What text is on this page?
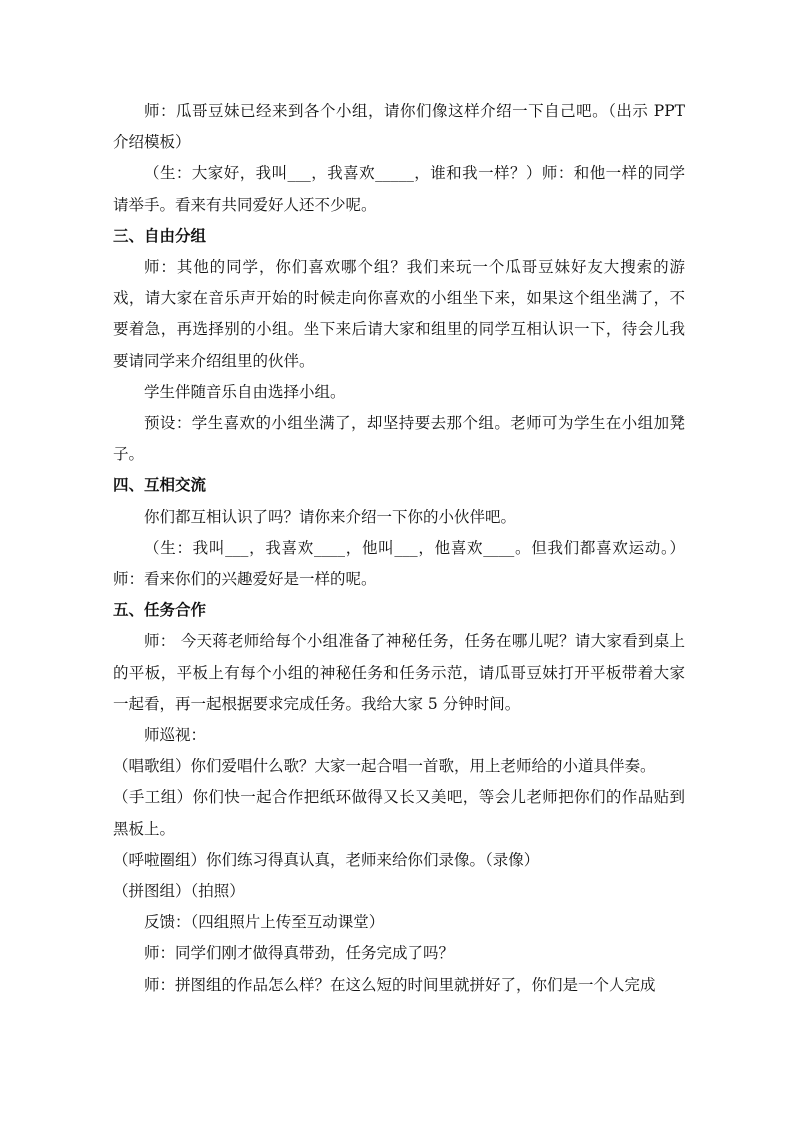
师：瓜哥豆妹已经来到各个小组，请你们像这样介绍一下自己吧。（出示 PPT 介绍模板）

（生：大家好，我叫___，我喜欢_____，谁和我一样？）师：和他一样的同学请举手。看来有共同爱好人还不少呢。

三、自由分组

师：其他的同学，你们喜欢哪个组？我们来玩一个瓜哥豆妹好友大搜索的游戏，请大家在音乐声开始的时候走向你喜欢的小组坐下来，如果这个组坐满了，不要着急，再选择别的小组。坐下来后请大家和组里的同学互相认识一下，待会儿我要请同学来介绍组里的伙伴。

学生伴随音乐自由选择小组。

预设：学生喜欢的小组坐满了，却坚持要去那个组。老师可为学生在小组加凳子。

四、互相交流

你们都互相认识了吗？请你来介绍一下你的小伙伴吧。

（生：我叫___，我喜欢____，他叫___，他喜欢____。但我们都喜欢运动。）师：看来你们的兴趣爱好是一样的呢。

五、任务合作

师： 今天蒋老师给每个小组准备了神秘任务，任务在哪儿呢？请大家看到桌上的平板，平板上有每个小组的神秘任务和任务示范，请瓜哥豆妹打开平板带着大家一起看，再一起根据要求完成任务。我给大家 5 分钟时间。

师巡视：

（唱歌组）你们爱唱什么歌？大家一起合唱一首歌，用上老师给的小道具伴奏。

（手工组）你们快一起合作把纸环做得又长又美吧，等会儿老师把你们的作品贴到黑板上。

（呼啦圈组）你们练习得真认真，老师来给你们录像。（录像）

（拼图组）（拍照）

反馈：（四组照片上传至互动课堂）

师：同学们刚才做得真带劲，任务完成了吗？

师：拼图组的作品怎么样？在这么短的时间里就拼好了，你们是一个人完成
